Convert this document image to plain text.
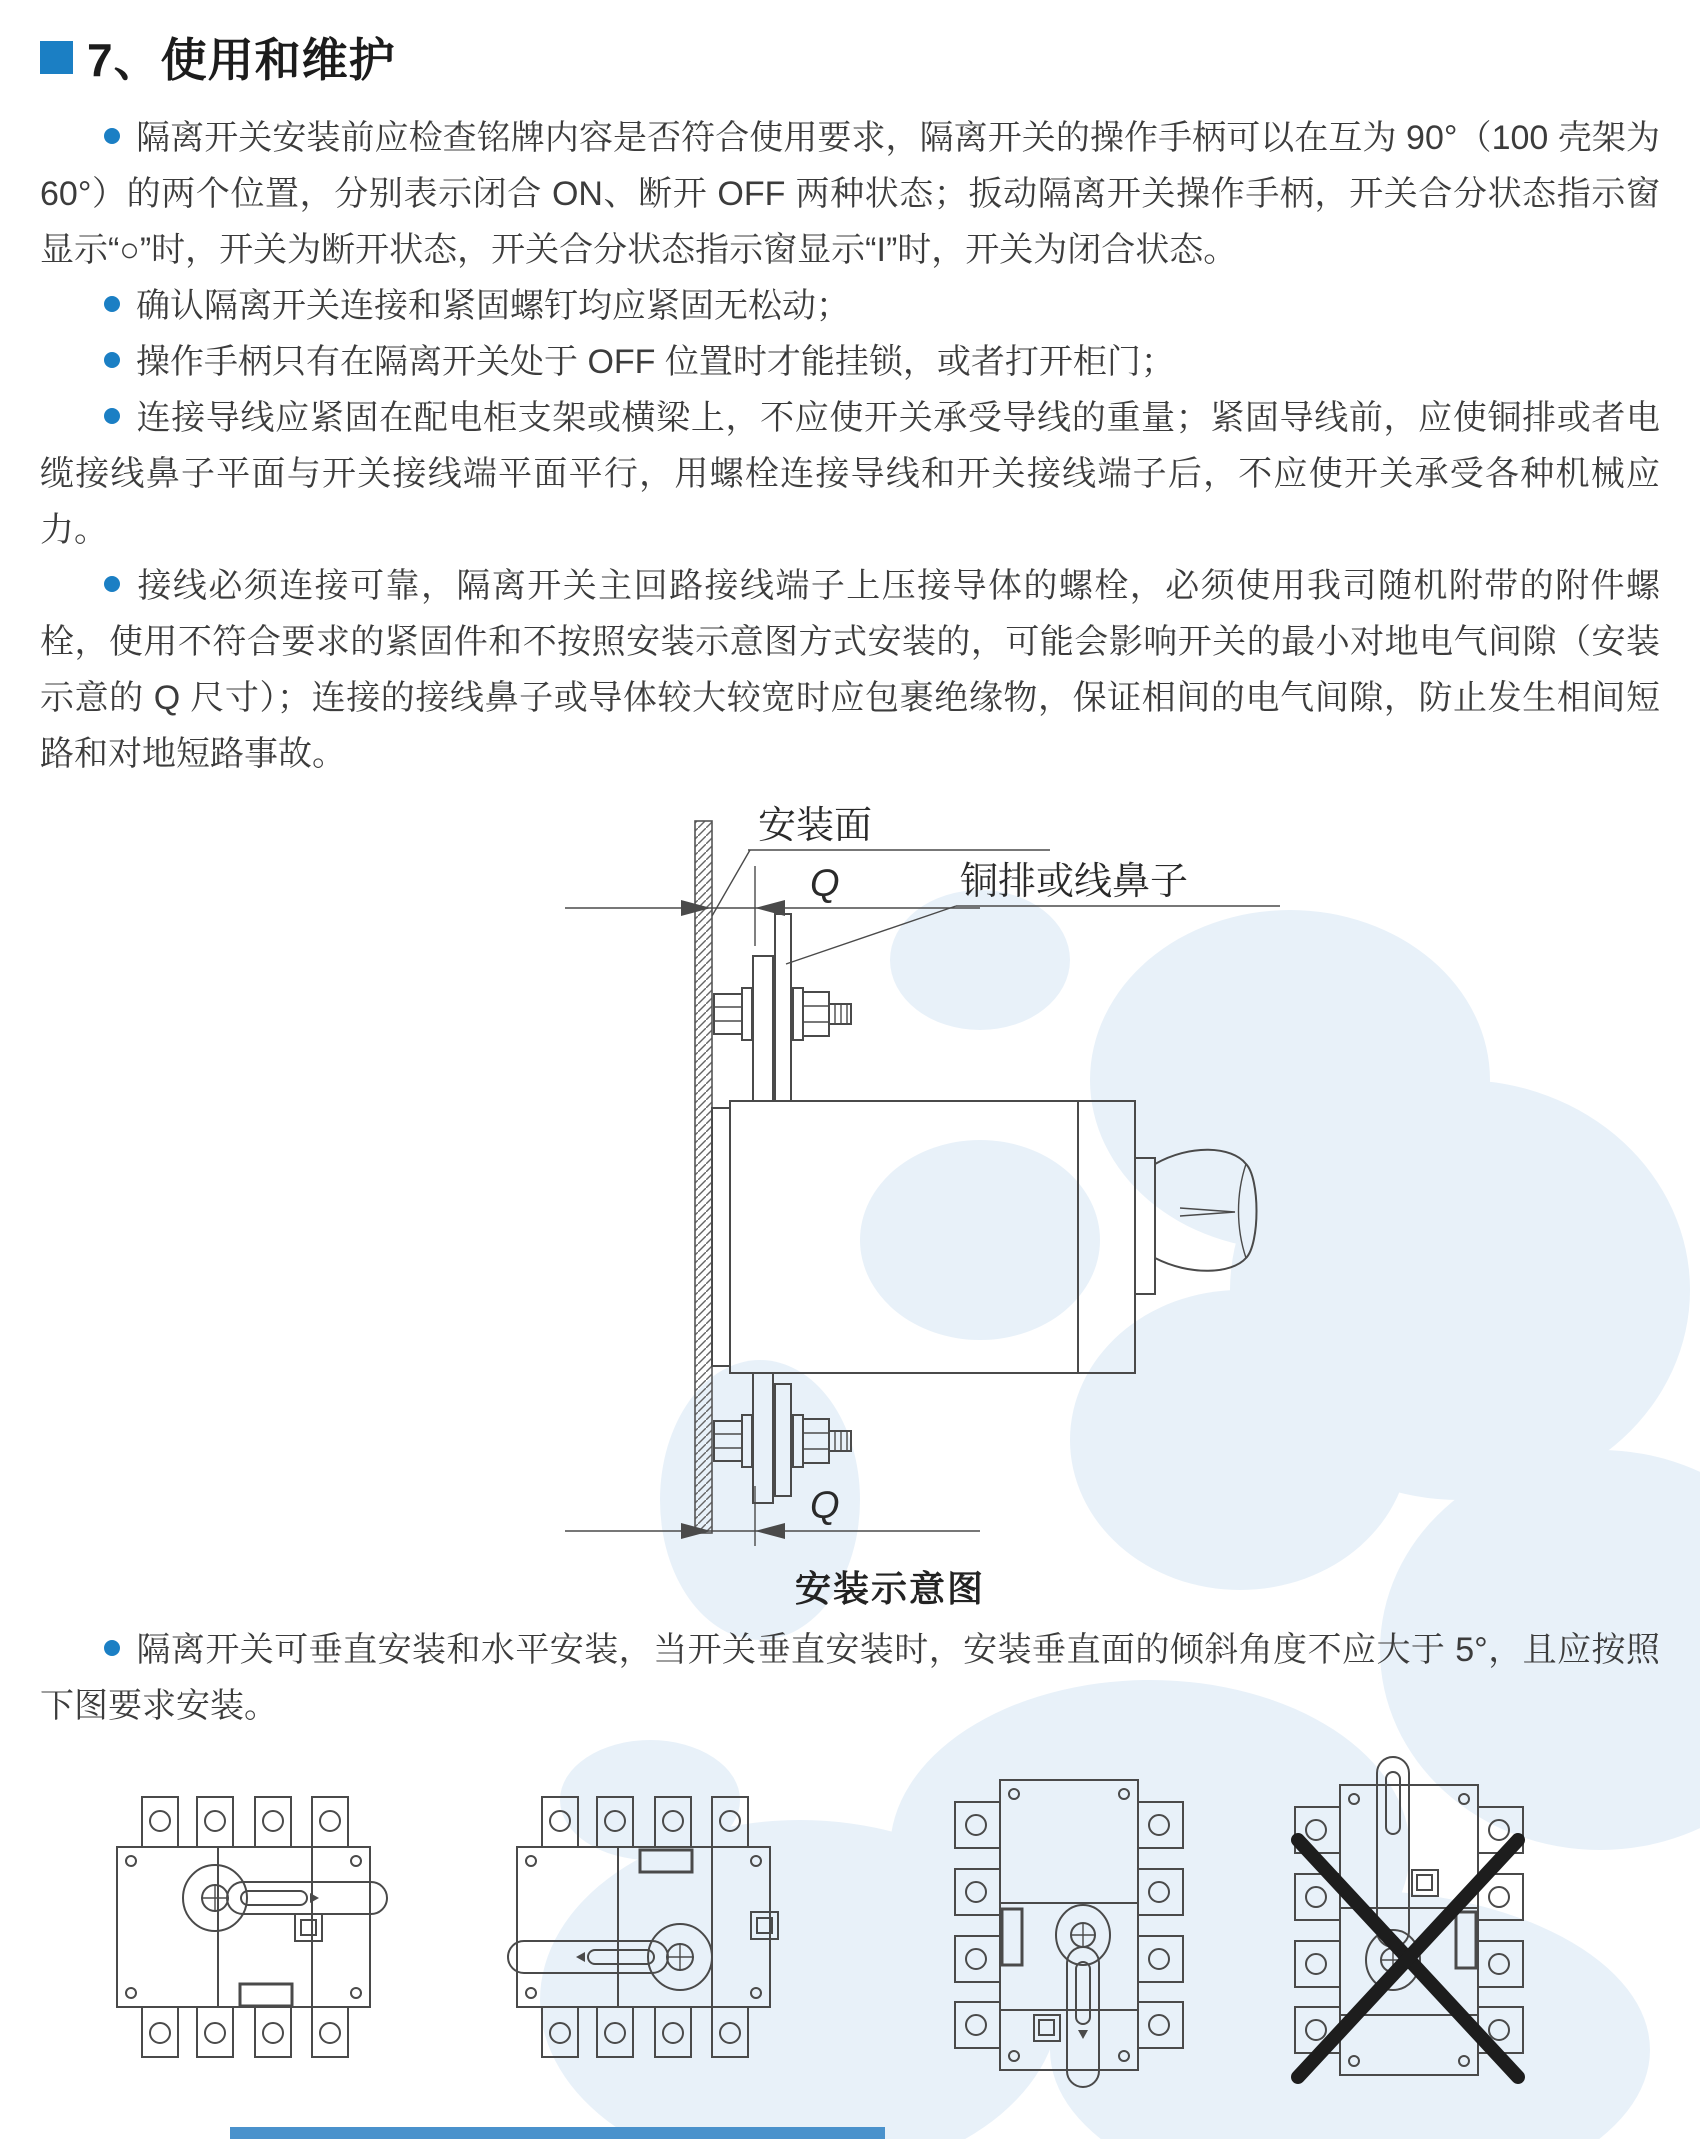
7、使用和维护

隔离开关安装前应检查铭牌内容是否符合使用要求，隔离开关的操作手柄可以在互为 90°（100 壳架为 60°）的两个位置，分别表示闭合 ON、断开 OFF 两种状态；扳动隔离开关操作手柄，开关合分状态指示窗显示“○”时，开关为断开状态，开关合分状态指示窗显示“I”时，开关为闭合状态。

确认隔离开关连接和紧固螺钉均应紧固无松动；

操作手柄只有在隔离开关处于 OFF 位置时才能挂锁，或者打开柜门；

连接导线应紧固在配电柜支架或横梁上，不应使开关承受导线的重量；紧固导线前，应使铜排或者电缆接线鼻子平面与开关接线端平面平行，用螺栓连接导线和开关接线端子后，不应使开关承受各种机械应力。

接线必须连接可靠，隔离开关主回路接线端子上压接导体的螺栓，必须使用我司随机附带的附件螺栓，使用不符合要求的紧固件和不按照安装示意图方式安装的，可能会影响开关的最小对地电气间隙（安装示意的 Q 尺寸）；连接的接线鼻子或导体较大较宽时应包裹绝缘物，保证相间的电气间隙，防止发生相间短路和对地短路事故。

安装面
Q	铜排或线鼻子
Q
安装示意图

隔离开关可垂直安装和水平安装，当开关垂直安装时，安装垂直面的倾斜角度不应大于 5°，且应按照下图要求安装。
